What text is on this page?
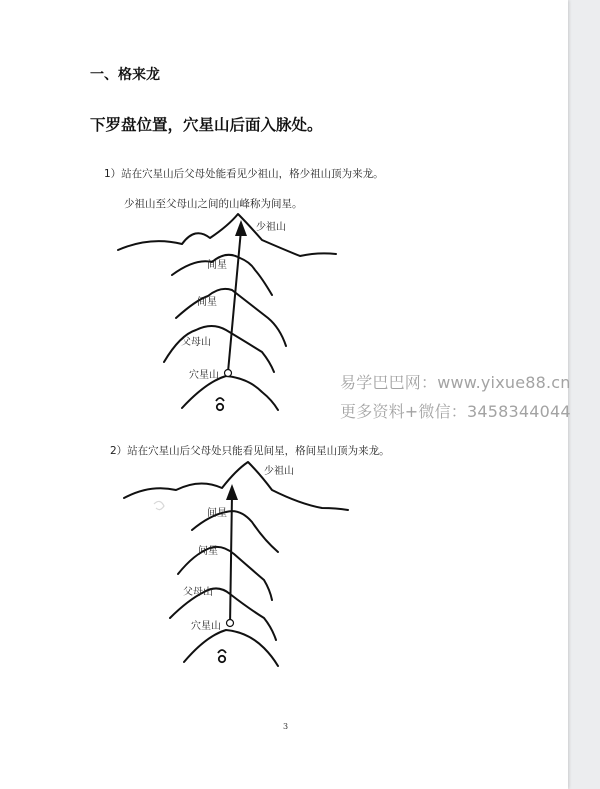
一、格来龙
下罗盘位置，穴星山后面入脉处。
1）站在穴星山后父母处能看见少祖山，格少祖山顶为来龙。
少祖山至父母山之间的山峰称为间星。
少祖山
间星
间星
父母山
穴星山
2）站在穴星山后父母处只能看见间星，格间星山顶为来龙。
少祖山
间星
间星
父母山
穴星山
3
易学巴巴网：www.yixue88.cn
更多资料+微信：3458344044
